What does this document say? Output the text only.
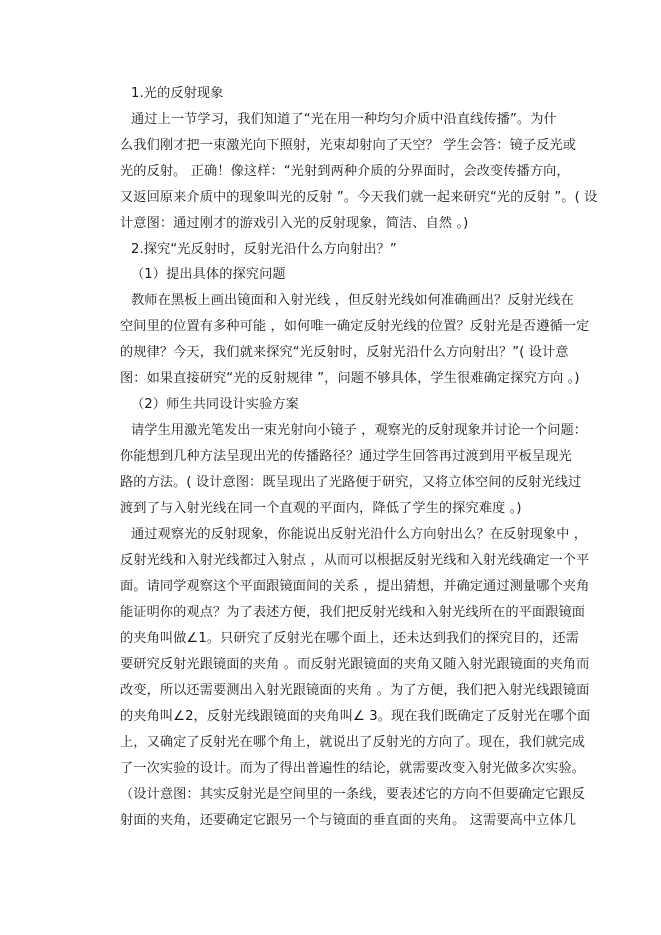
1.光的反射现象
通过上一节学习，我们知道了“光在用一种均匀介质中沿直线传播”。为什
么我们刚才把一束激光向下照射，光束却射向了天空？ 学生会答：镜子反光或
光的反射。 正确！像这样：“光射到两种介质的分界面时，会改变传播方向，
又返回原来介质中的现象叫光的反射 ”。今天我们就一起来研究“光的反射 ”。( 设
计意图：通过刚才的游戏引入光的反射现象，简洁、自然 。)
2.探究“光反射时，反射光沿什么方向射出？”
（1）提出具体的探究问题
教师在黑板上画出镜面和入射光线 ，但反射光线如何准确画出？反射光线在
空间里的位置有多种可能 ，如何唯一确定反射光线的位置？反射光是否遵循一定
的规律？今天，我们就来探究“光反射时，反射光沿什么方向射出？”( 设计意
图：如果直接研究“光的反射规律 ”，问题不够具体，学生很难确定探究方向 。)
（2）师生共同设计实验方案
请学生用激光笔发出一束光射向小镜子 ，观察光的反射现象并讨论一个问题：
你能想到几种方法呈现出光的传播路径？通过学生回答再过渡到用平板呈现光
路的方法。( 设计意图：既呈现出了光路便于研究，又将立体空间的反射光线过
渡到了与入射光线在同一个直观的平面内，降低了学生的探究难度 。)
通过观察光的反射现象，你能说出反射光沿什么方向射出么？在反射现象中 ，
反射光线和入射光线都过入射点 ，从而可以根据反射光线和入射光线确定一个平
面。请同学观察这个平面跟镜面间的关系 ，提出猜想，并确定通过测量哪个夹角
能证明你的观点？为了表述方便，我们把反射光线和入射光线所在的平面跟镜面
的夹角叫做∠1。只研究了反射光在哪个面上，还未达到我们的探究目的，还需
要研究反射光跟镜面的夹角 。而反射光跟镜面的夹角又随入射光跟镜面的夹角而
改变，所以还需要测出入射光跟镜面的夹角 。为了方便，我们把入射光线跟镜面
的夹角叫∠2，反射光线跟镜面的夹角叫∠ 3。现在我们既确定了反射光在哪个面
上，又确定了反射光在哪个角上，就说出了反射光的方向了。现在，我们就完成
了一次实验的设计。而为了得出普遍性的结论，就需要改变入射光做多次实验。
（设计意图：其实反射光是空间里的一条线，要表述它的方向不但要确定它跟反
射面的夹角，还要确定它跟另一个与镜面的垂直面的夹角。 这需要高中立体几
